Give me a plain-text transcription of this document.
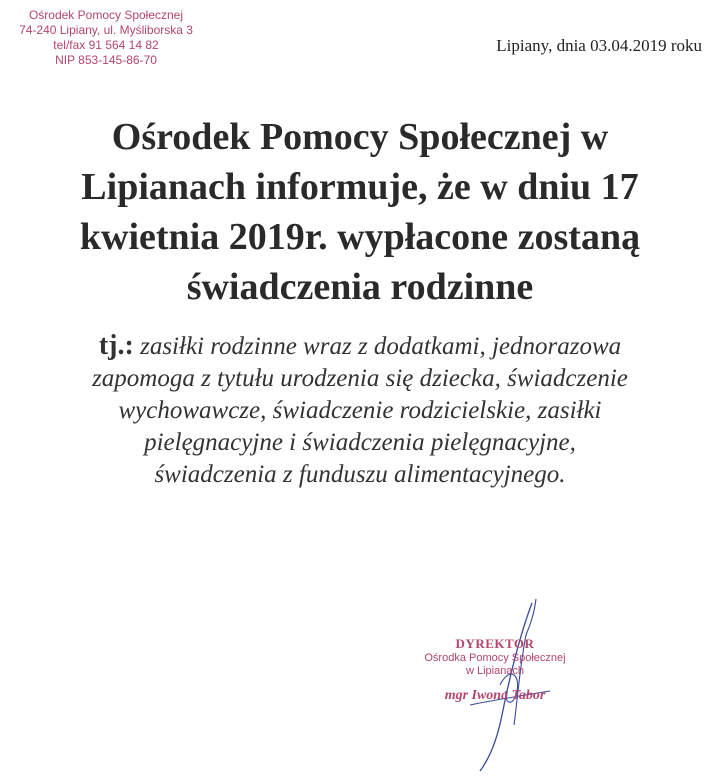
Ośrodek Pomocy Społecznej
74-240 Lipiany, ul. Myśliborska 3
tel/fax 91 564 14 82
NIP 853-145-86-70
Lipiany, dnia 03.04.2019 roku
Ośrodek Pomocy Społecznej w
Lipianach informuje, że w dniu 17
kwietnia 2019r. wypłacone zostaną
świadczenia rodzinne
tj.: zasiłki rodzinne wraz z dodatkami, jednorazowa
zapomoga z tytułu urodzenia się dziecka, świadczenie
wychowawcze, świadczenie rodzicielskie, zasiłki
pielęgnacyjne i świadczenia pielęgnacyjne,
świadczenia z funduszu alimentacyjnego.
DYREKTOR
Ośrodka Pomocy Społecznej
w Lipianach
mgr Iwona Tabor
